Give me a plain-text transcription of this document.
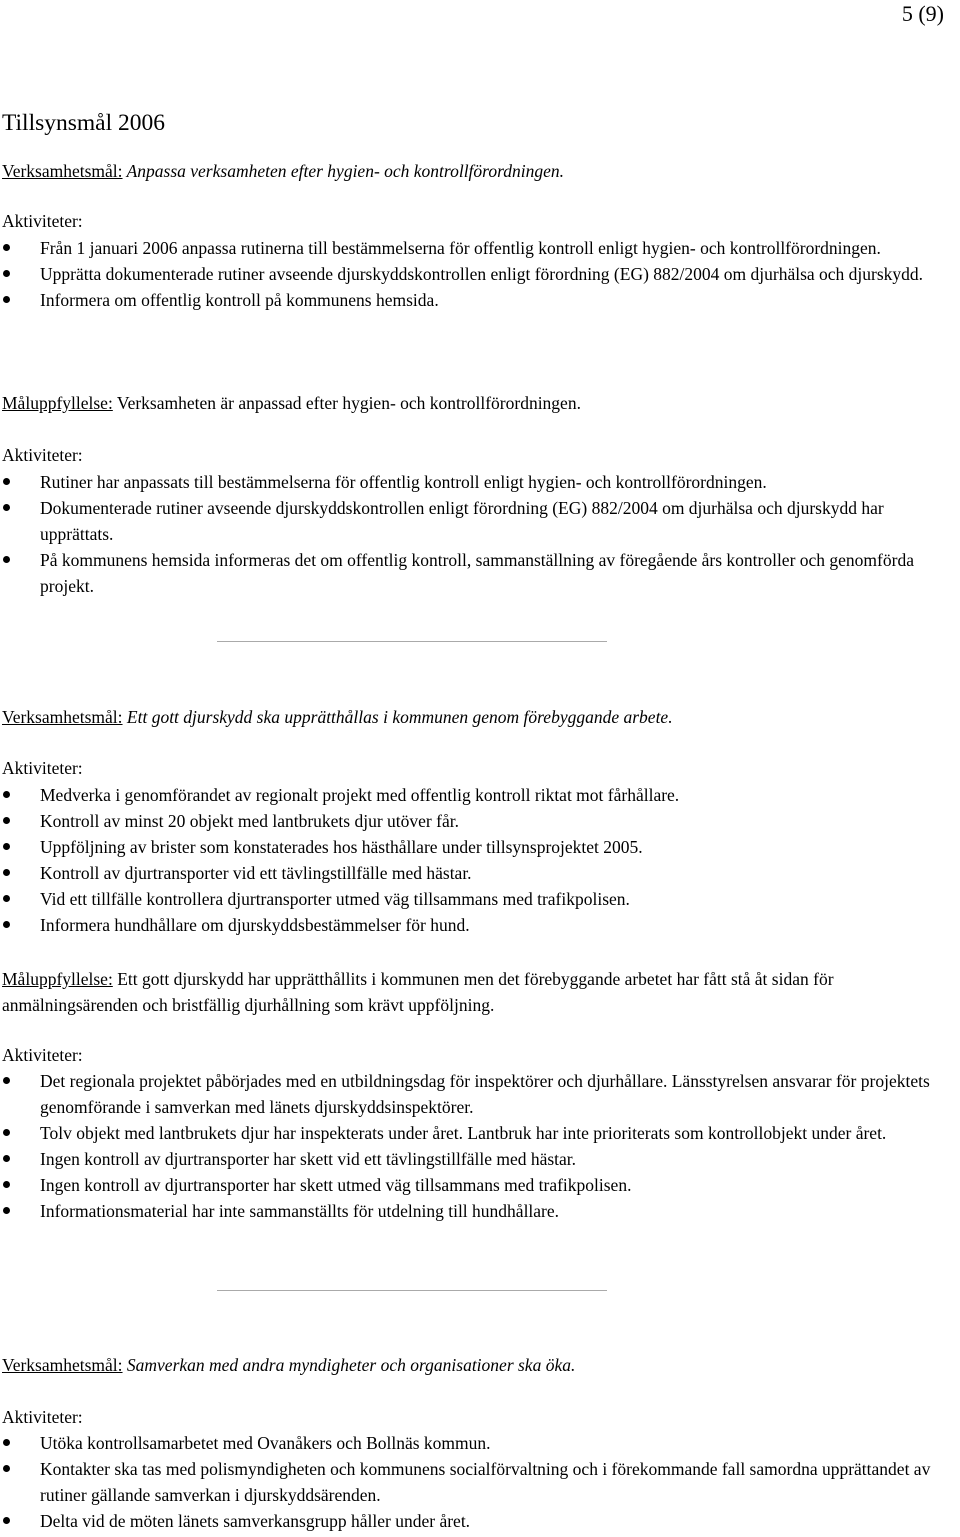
5 (9)
Tillsynsmål 2006

Verksamhetsmål: Anpassa verksamheten efter hygien- och kontrollförordningen.

Aktiviteter:

Från 1 januari 2006 anpassa rutinerna till bestämmelserna för offentlig kontroll enligt hygien- och kontrollförordningen.
Upprätta dokumenterade rutiner avseende djurskyddskontrollen enligt förordning (EG) 882/2004 om djurhälsa och djurskydd.
Informera om offentlig kontroll på kommunens hemsida.

Måluppfyllelse: Verksamheten är anpassad efter hygien- och kontrollförordningen.

Aktiviteter:

Rutiner har anpassats till bestämmelserna för offentlig kontroll enligt hygien- och kontrollförordningen.
Dokumenterade rutiner avseende djurskyddskontrollen enligt förordning (EG) 882/2004 om djurhälsa och djurskydd har upprättats.
På kommunens hemsida informeras det om offentlig kontroll, sammanställning av föregående års kontroller och genomförda projekt.

Verksamhetsmål: Ett gott djurskydd ska upprätthållas i kommunen genom förebyggande arbete.

Aktiviteter:

Medverka i genomförandet av regionalt projekt med offentlig kontroll riktat mot fårhållare.
Kontroll av minst 20 objekt med lantbrukets djur utöver får.
Uppföljning av brister som konstaterades hos hästhållare under tillsynsprojektet 2005.
Kontroll av djurtransporter vid ett tävlingstillfälle med hästar.
Vid ett tillfälle kontrollera djurtransporter utmed väg tillsammans med trafikpolisen.
Informera hundhållare om djurskyddsbestämmelser för hund.

Måluppfyllelse: Ett gott djurskydd har upprätthållits i kommunen men det förebyggande arbetet har fått stå åt sidan för anmälningsärenden och bristfällig djurhållning som krävt uppföljning.

Aktiviteter:

Det regionala projektet påbörjades med en utbildningsdag för inspektörer och djurhållare. Länsstyrelsen ansvarar för projektets genomförande i samverkan med länets djurskyddsinspektörer.
Tolv objekt med lantbrukets djur har inspekterats under året. Lantbruk har inte prioriterats som kontrollobjekt under året.
Ingen kontroll av djurtransporter har skett vid ett tävlingstillfälle med hästar.
Ingen kontroll av djurtransporter har skett utmed väg tillsammans med trafikpolisen.
Informationsmaterial har inte sammanställts för utdelning till hundhållare.

Verksamhetsmål: Samverkan med andra myndigheter och organisationer ska öka.

Aktiviteter:

Utöka kontrollsamarbetet med Ovanåkers och Bollnäs kommun.
Kontakter ska tas med polismyndigheten och kommunens socialförvaltning och i förekommande fall samordna upprättandet av rutiner gällande samverkan i djurskyddsärenden.
Delta vid de möten länets samverkansgrupp håller under året.
